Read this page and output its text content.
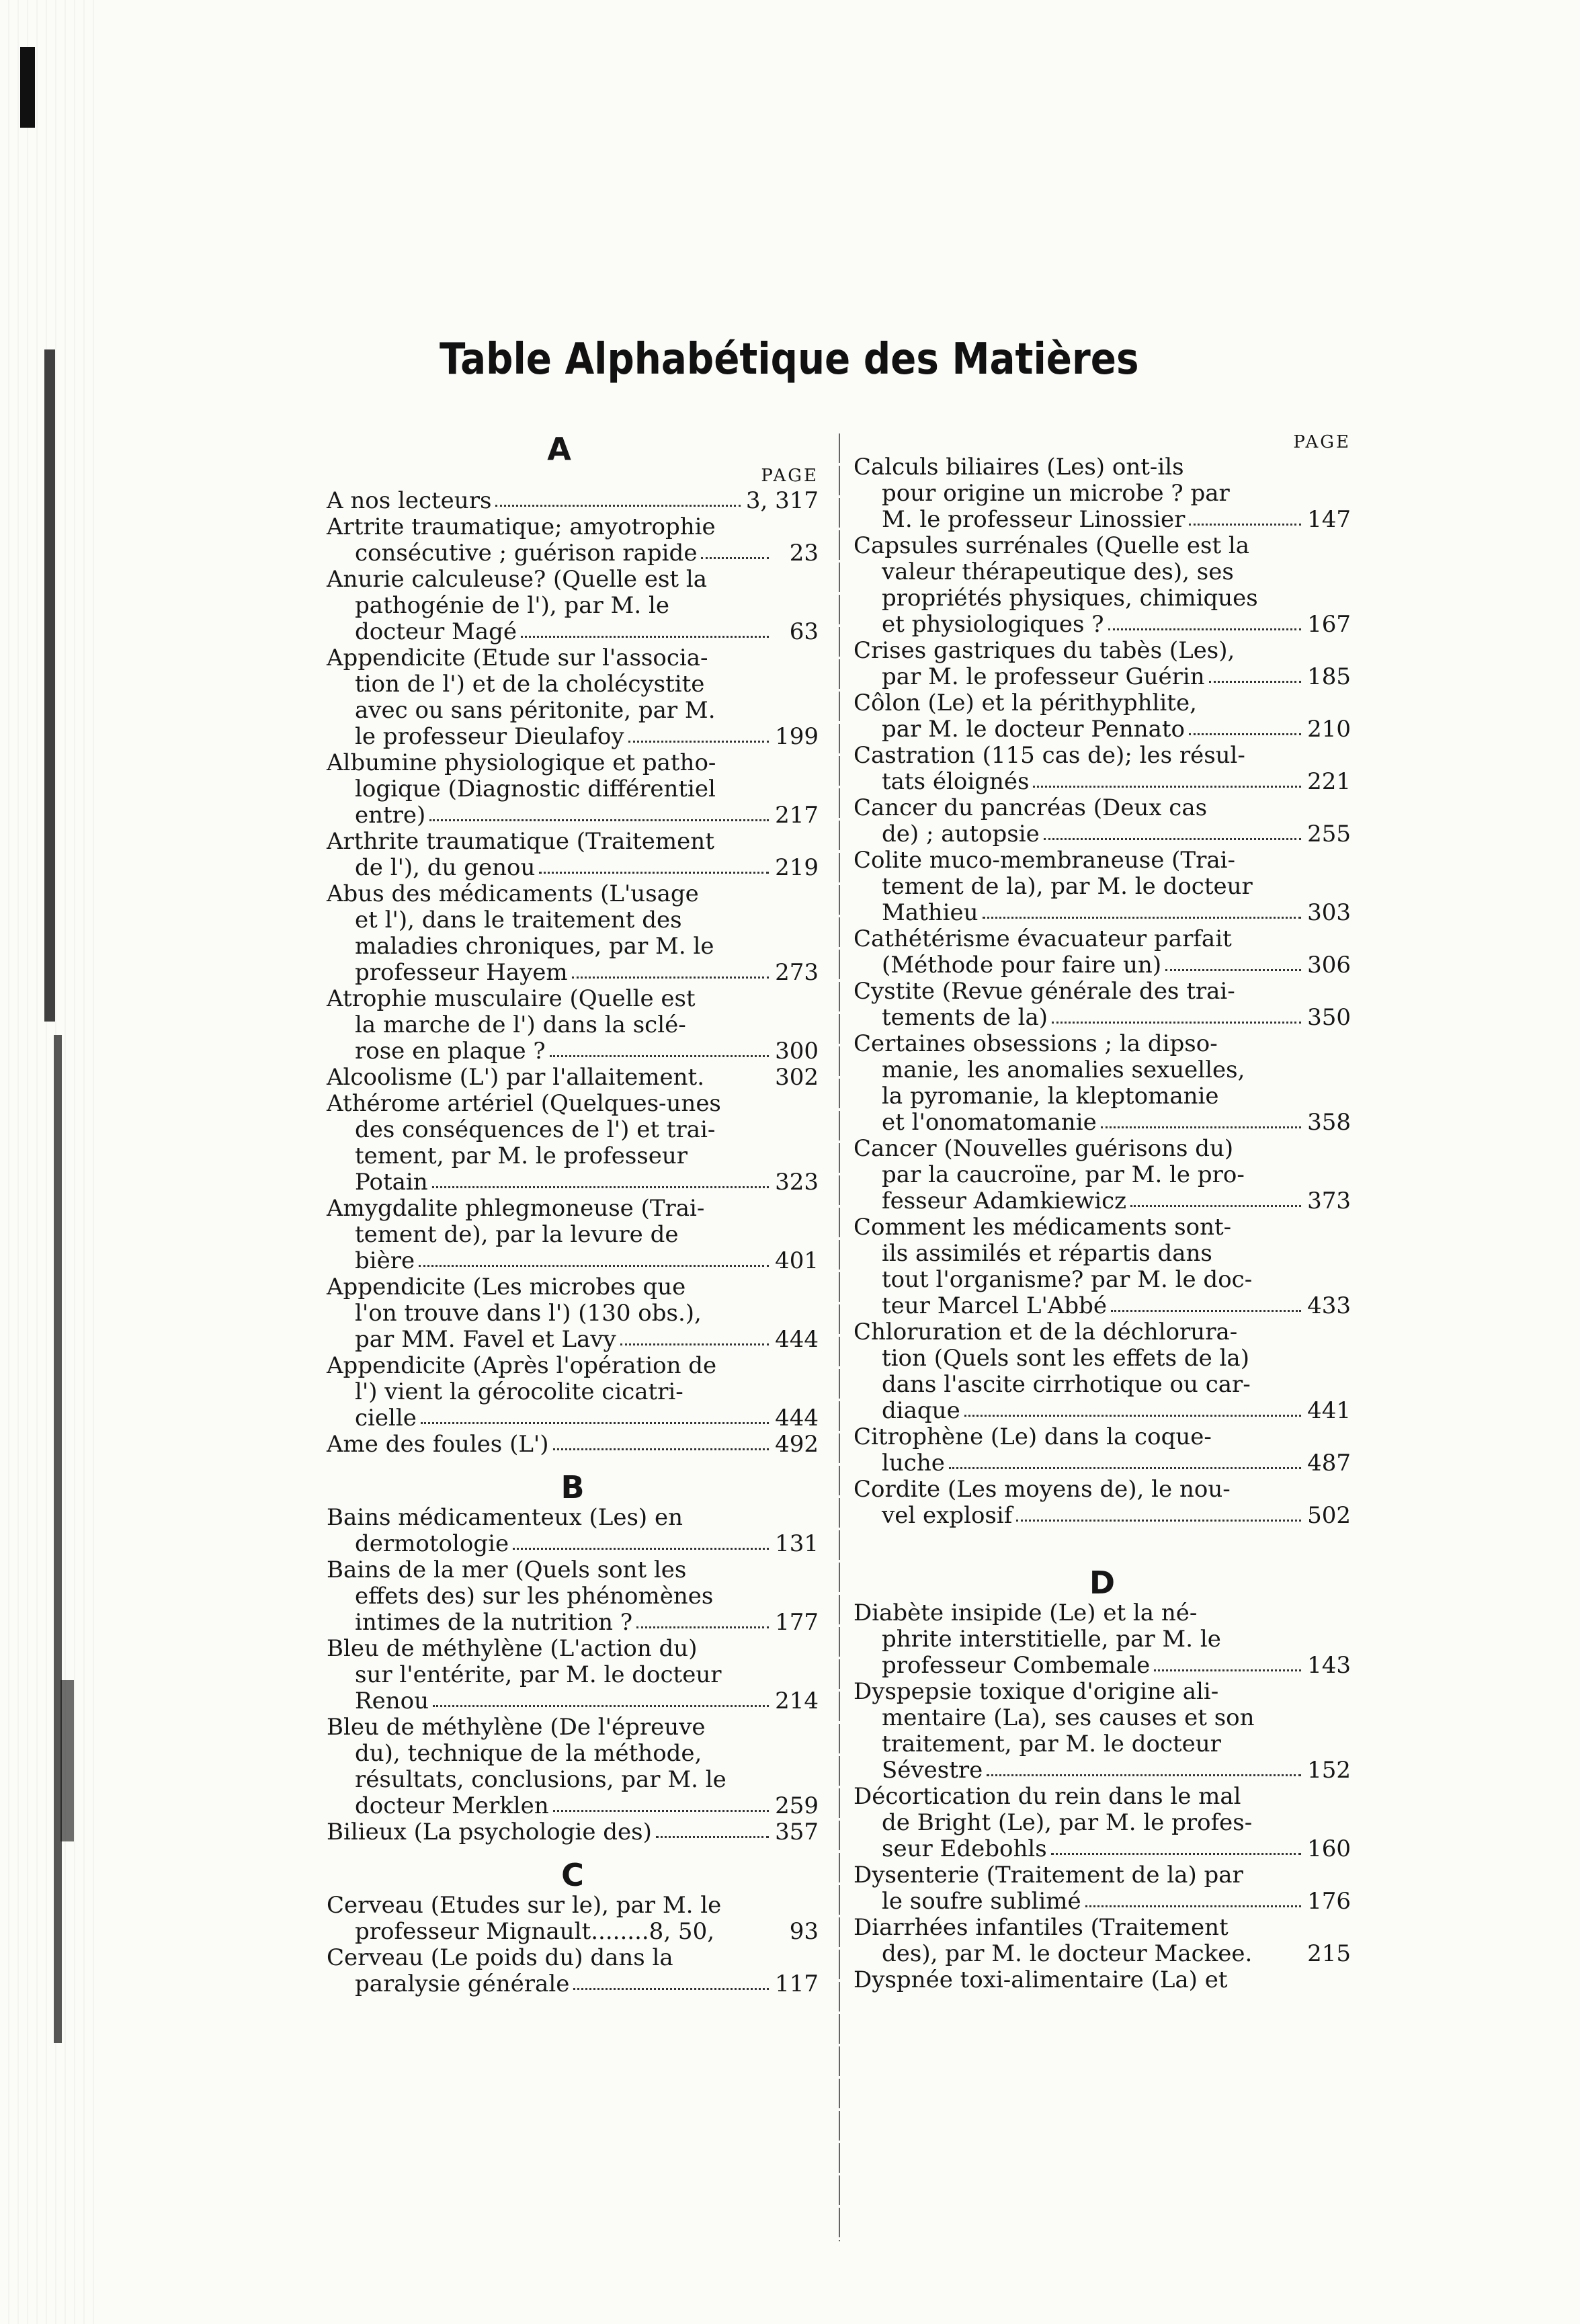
Table Alphabétique des Matières
A
PAGE
A nos lecteurs	3, 317
Artrite traumatique; amyotrophie
consécutive ; guérison rapide	23
Anurie calculeuse? (Quelle est la
pathogénie de l'), par M. le
docteur Magé	63
Appendicite (Etude sur l'associa-
tion de l') et de la cholécystite
avec ou sans péritonite, par M.
le professeur Dieulafoy	199
Albumine physiologique et patho-
logique (Diagnostic différentiel
entre)	217
Arthrite traumatique (Traitement
de l'), du genou	219
Abus des médicaments (L'usage
et l'), dans le traitement des
maladies chroniques, par M. le
professeur Hayem	273
Atrophie musculaire (Quelle est
la marche de l') dans la sclé-
rose en plaque ?	300
Alcoolisme (L') par l'allaitement.	302
Athérome artériel (Quelques-unes
des conséquences de l') et trai-
tement, par M. le professeur
Potain	323
Amygdalite phlegmoneuse (Trai-
tement de), par la levure de
bière	401
Appendicite (Les microbes que
l'on trouve dans l') (130 obs.),
par MM. Favel et Lavy	444
Appendicite (Après l'opération de
l') vient la gérocolite cicatri-
cielle	444
Ame des foules (L')	492
B
Bains médicamenteux (Les) en
dermotologie	131
Bains de la mer (Quels sont les
effets des) sur les phénomènes
intimes de la nutrition ?	177
Bleu de méthylène (L'action du)
sur l'entérite, par M. le docteur
Renou	214
Bleu de méthylène (De l'épreuve
du), technique de la méthode,
résultats, conclusions, par M. le
docteur Merklen	259
Bilieux (La psychologie des)	357
C
Cerveau (Etudes sur le), par M. le
professeur Mignault........8, 50,	93
Cerveau (Le poids du) dans la
paralysie générale	117
PAGE
Calculs biliaires (Les) ont-ils
pour origine un microbe ? par
M. le professeur Linossier	147
Capsules surrénales (Quelle est la
valeur thérapeutique des), ses
propriétés physiques, chimiques
et physiologiques ?	167
Crises gastriques du tabès (Les),
par M. le professeur Guérin	185
Côlon (Le) et la périthyphlite,
par M. le docteur Pennato	210
Castration (115 cas de); les résul-
tats éloignés	221
Cancer du pancréas (Deux cas
de) ; autopsie	255
Colite muco-membraneuse (Trai-
tement de la), par M. le docteur
Mathieu	303
Cathétérisme évacuateur parfait
(Méthode pour faire un)	306
Cystite (Revue générale des trai-
tements de la)	350
Certaines obsessions ; la dipso-
manie, les anomalies sexuelles,
la pyromanie, la kleptomanie
et l'onomatomanie	358
Cancer (Nouvelles guérisons du)
par la caucroïne, par M. le pro-
fesseur Adamkiewicz	373
Comment les médicaments sont-
ils assimilés et répartis dans
tout l'organisme? par M. le doc-
teur Marcel L'Abbé	433
Chloruration et de la déchlorura-
tion (Quels sont les effets de la)
dans l'ascite cirrhotique ou car-
diaque	441
Citrophène (Le) dans la coque-
luche	487
Cordite (Les moyens de), le nou-
vel explosif	502
D
Diabète insipide (Le) et la né-
phrite interstitielle, par M. le
professeur Combemale	143
Dyspepsie toxique d'origine ali-
mentaire (La), ses causes et son
traitement, par M. le docteur
Sévestre	152
Décortication du rein dans le mal
de Bright (Le), par M. le profes-
seur Edebohls	160
Dysenterie (Traitement de la) par
le soufre sublimé	176
Diarrhées infantiles (Traitement
des), par M. le docteur Mackee. 215
Dyspnée toxi-alimentaire (La) et
